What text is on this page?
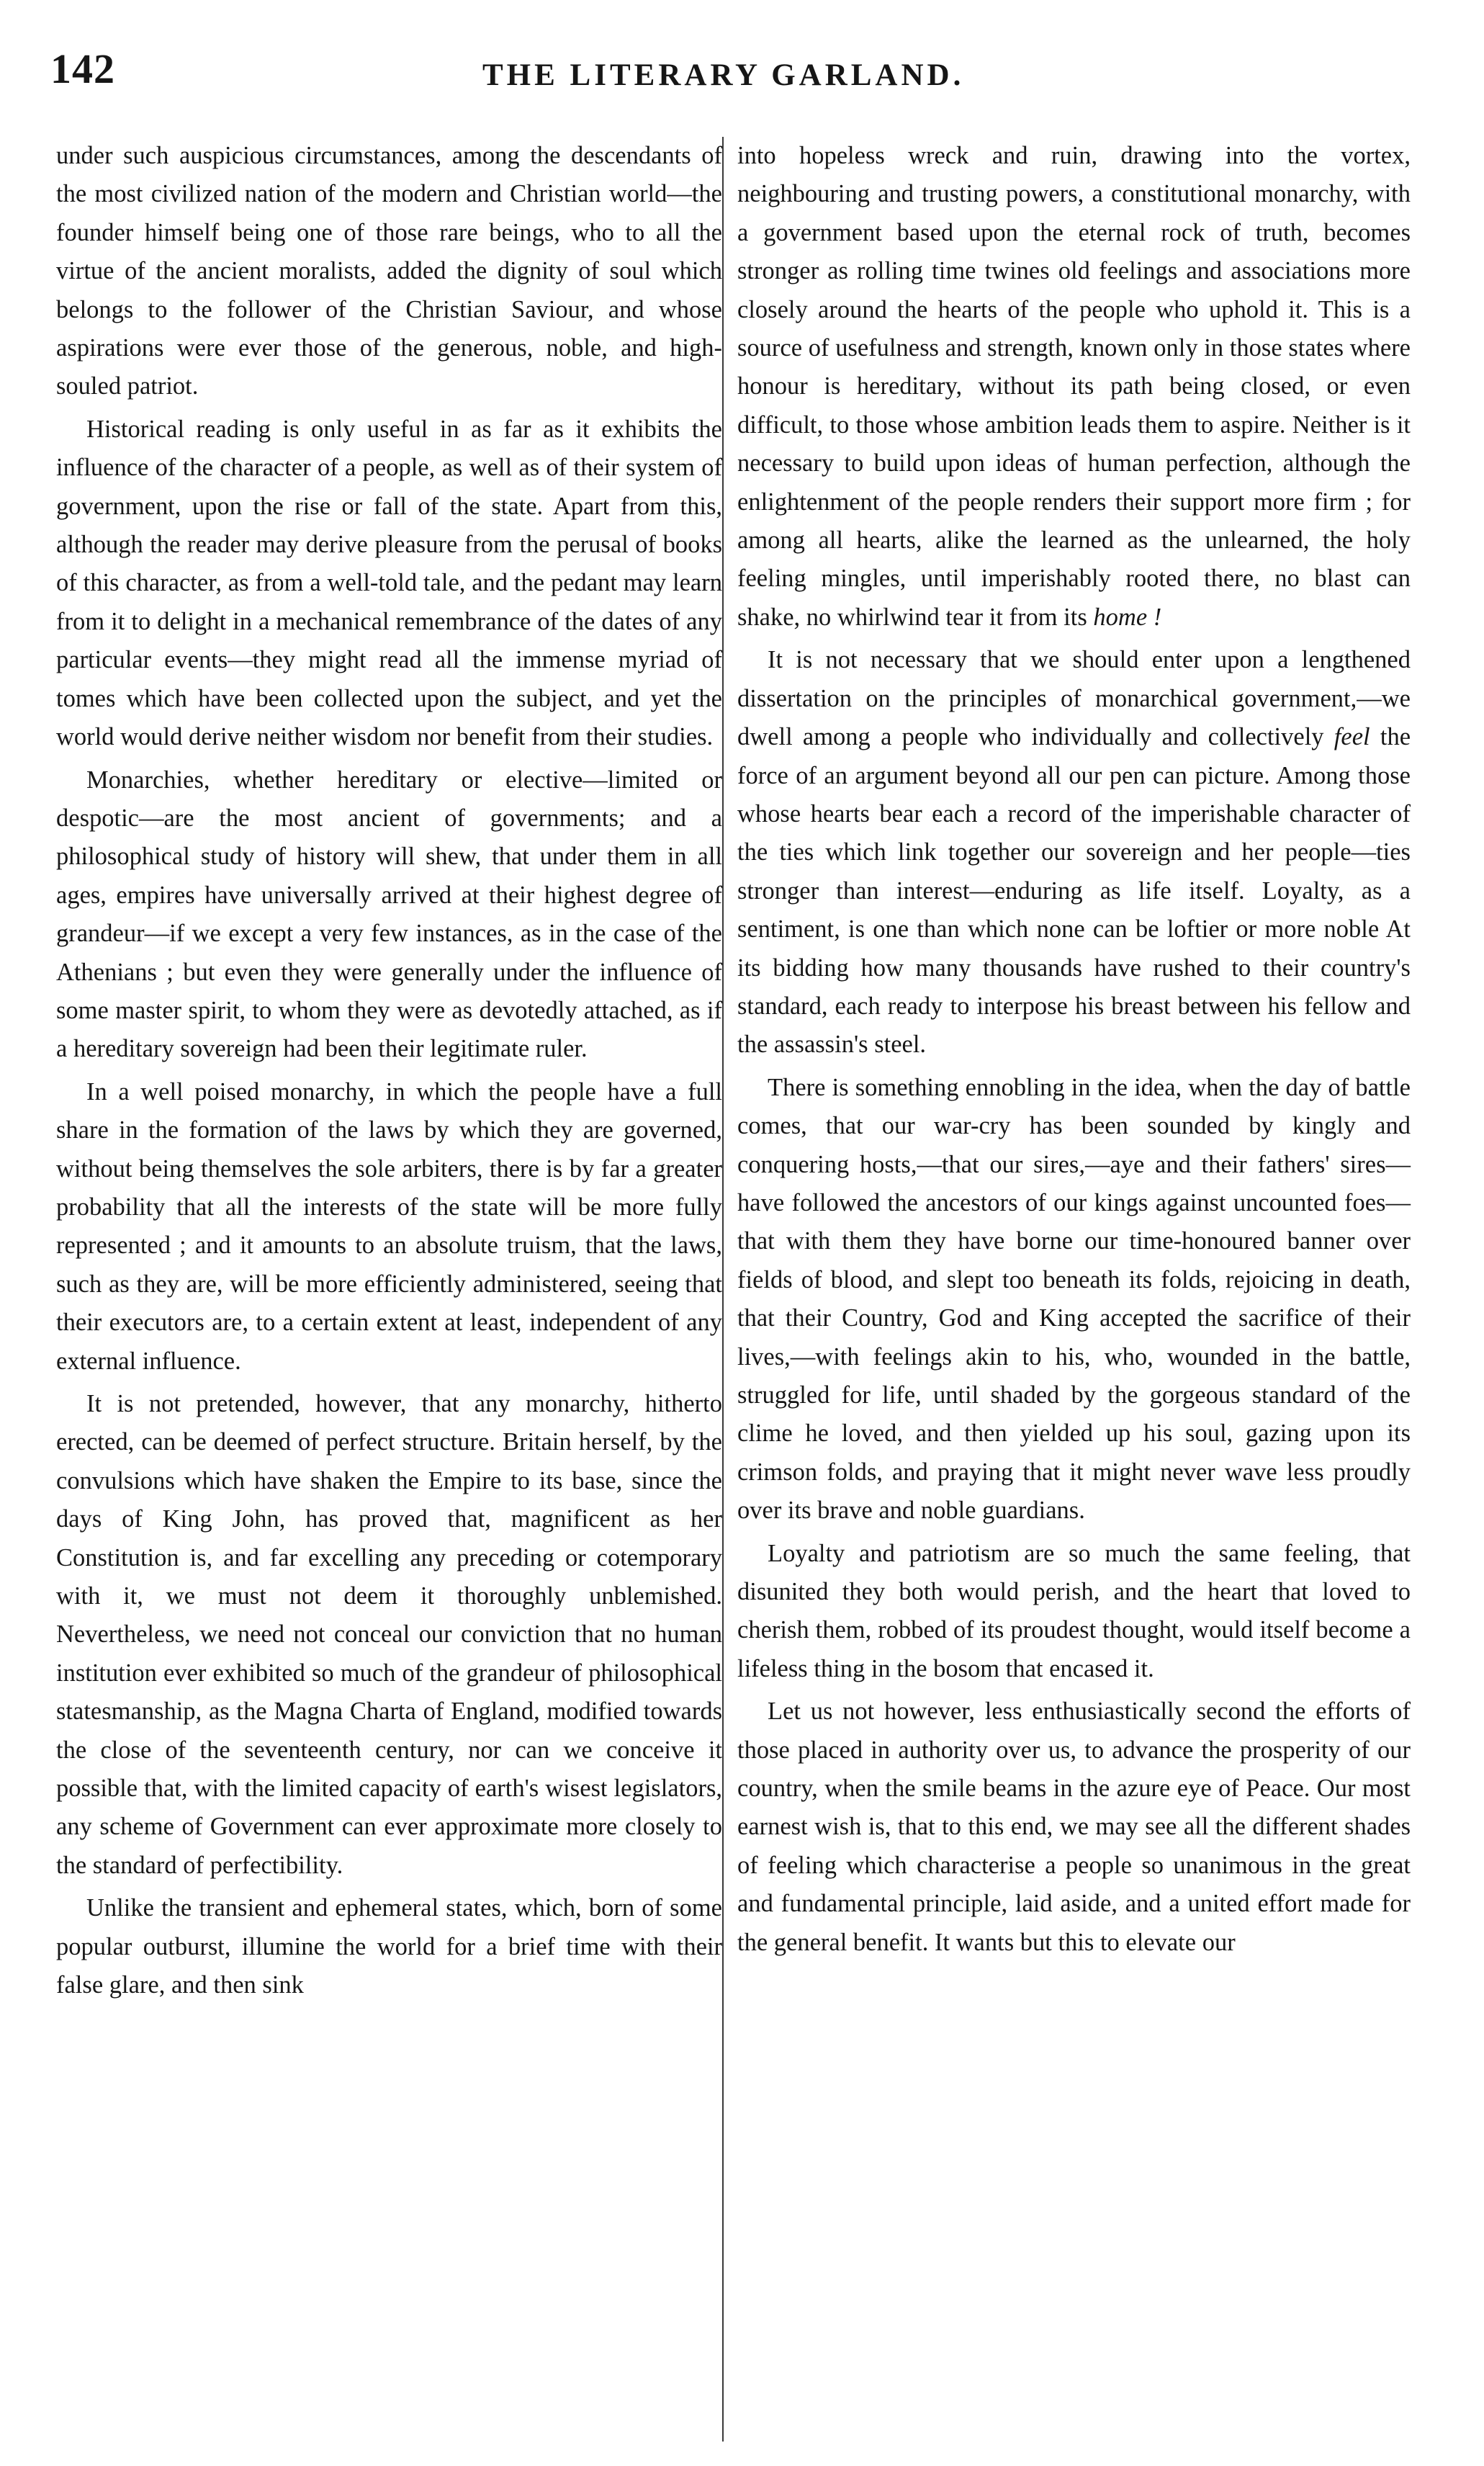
142	THE LITERARY GARLAND.

under such auspicious circumstances, among the descendants of the most civilized nation of the modern and Christian world—the founder himself being one of those rare beings, who to all the virtue of the ancient moralists, added the dignity of soul which belongs to the follower of the Christian Saviour, and whose aspirations were ever those of the generous, noble, and high-souled patriot.

Historical reading is only useful in as far as it exhibits the influence of the character of a people, as well as of their system of government, upon the rise or fall of the state. Apart from this, although the reader may derive pleasure from the perusal of books of this character, as from a well-told tale, and the pedant may learn from it to delight in a mechanical remembrance of the dates of any particular events—they might read all the immense myriad of tomes which have been collected upon the subject, and yet the world would derive neither wisdom nor benefit from their studies.

Monarchies, whether hereditary or elective—limited or despotic—are the most ancient of governments; and a philosophical study of history will shew, that under them in all ages, empires have universally arrived at their highest degree of grandeur—if we except a very few instances, as in the case of the Athenians ; but even they were generally under the influence of some master spirit, to whom they were as devotedly attached, as if a hereditary sovereign had been their legitimate ruler.

In a well poised monarchy, in which the people have a full share in the formation of the laws by which they are governed, without being themselves the sole arbiters, there is by far a greater probability that all the interests of the state will be more fully represented ; and it amounts to an absolute truism, that the laws, such as they are, will be more efficiently administered, seeing that their executors are, to a certain extent at least, independent of any external influence.

It is not pretended, however, that any monarchy, hitherto erected, can be deemed of perfect structure. Britain herself, by the convulsions which have shaken the Empire to its base, since the days of King John, has proved that, magnificent as her Constitution is, and far excelling any preceding or cotemporary with it, we must not deem it thoroughly unblemished. Nevertheless, we need not conceal our conviction that no human institution ever exhibited so much of the grandeur of philosophical statesmanship, as the Magna Charta of England, modified towards the close of the seventeenth century, nor can we conceive it possible that, with the limited capacity of earth's wisest legislators, any scheme of Government can ever approximate more closely to the standard of perfectibility.

Unlike the transient and ephemeral states, which, born of some popular outburst, illumine the world for a brief time with their false glare, and then sink

into hopeless wreck and ruin, drawing into the vortex, neighbouring and trusting powers, a constitutional monarchy, with a government based upon the eternal rock of truth, becomes stronger as rolling time twines old feelings and associations more closely around the hearts of the people who uphold it. This is a source of usefulness and strength, known only in those states where honour is hereditary, without its path being closed, or even difficult, to those whose ambition leads them to aspire. Neither is it necessary to build upon ideas of human perfection, although the enlightenment of the people renders their support more firm ; for among all hearts, alike the learned as the unlearned, the holy feeling mingles, until imperishably rooted there, no blast can shake, no whirlwind tear it from its home !

It is not necessary that we should enter upon a lengthened dissertation on the principles of monarchical government,—we dwell among a people who individually and collectively feel the force of an argument beyond all our pen can picture. Among those whose hearts bear each a record of the imperishable character of the ties which link together our sovereign and her people—ties stronger than interest—enduring as life itself. Loyalty, as a sentiment, is one than which none can be loftier or more noble At its bidding how many thousands have rushed to their country's standard, each ready to interpose his breast between his fellow and the assassin's steel.

There is something ennobling in the idea, when the day of battle comes, that our war-cry has been sounded by kingly and conquering hosts,—that our sires,—aye and their fathers' sires—have followed the ancestors of our kings against uncounted foes—that with them they have borne our time-honoured banner over fields of blood, and slept too beneath its folds, rejoicing in death, that their Country, God and King accepted the sacrifice of their lives,—with feelings akin to his, who, wounded in the battle, struggled for life, until shaded by the gorgeous standard of the clime he loved, and then yielded up his soul, gazing upon its crimson folds, and praying that it might never wave less proudly over its brave and noble guardians.

Loyalty and patriotism are so much the same feeling, that disunited they both would perish, and the heart that loved to cherish them, robbed of its proudest thought, would itself become a lifeless thing in the bosom that encased it.

Let us not however, less enthusiastically second the efforts of those placed in authority over us, to advance the prosperity of our country, when the smile beams in the azure eye of Peace. Our most earnest wish is, that to this end, we may see all the different shades of feeling which characterise a people so unanimous in the great and fundamental principle, laid aside, and a united effort made for the general benefit. It wants but this to elevate our
